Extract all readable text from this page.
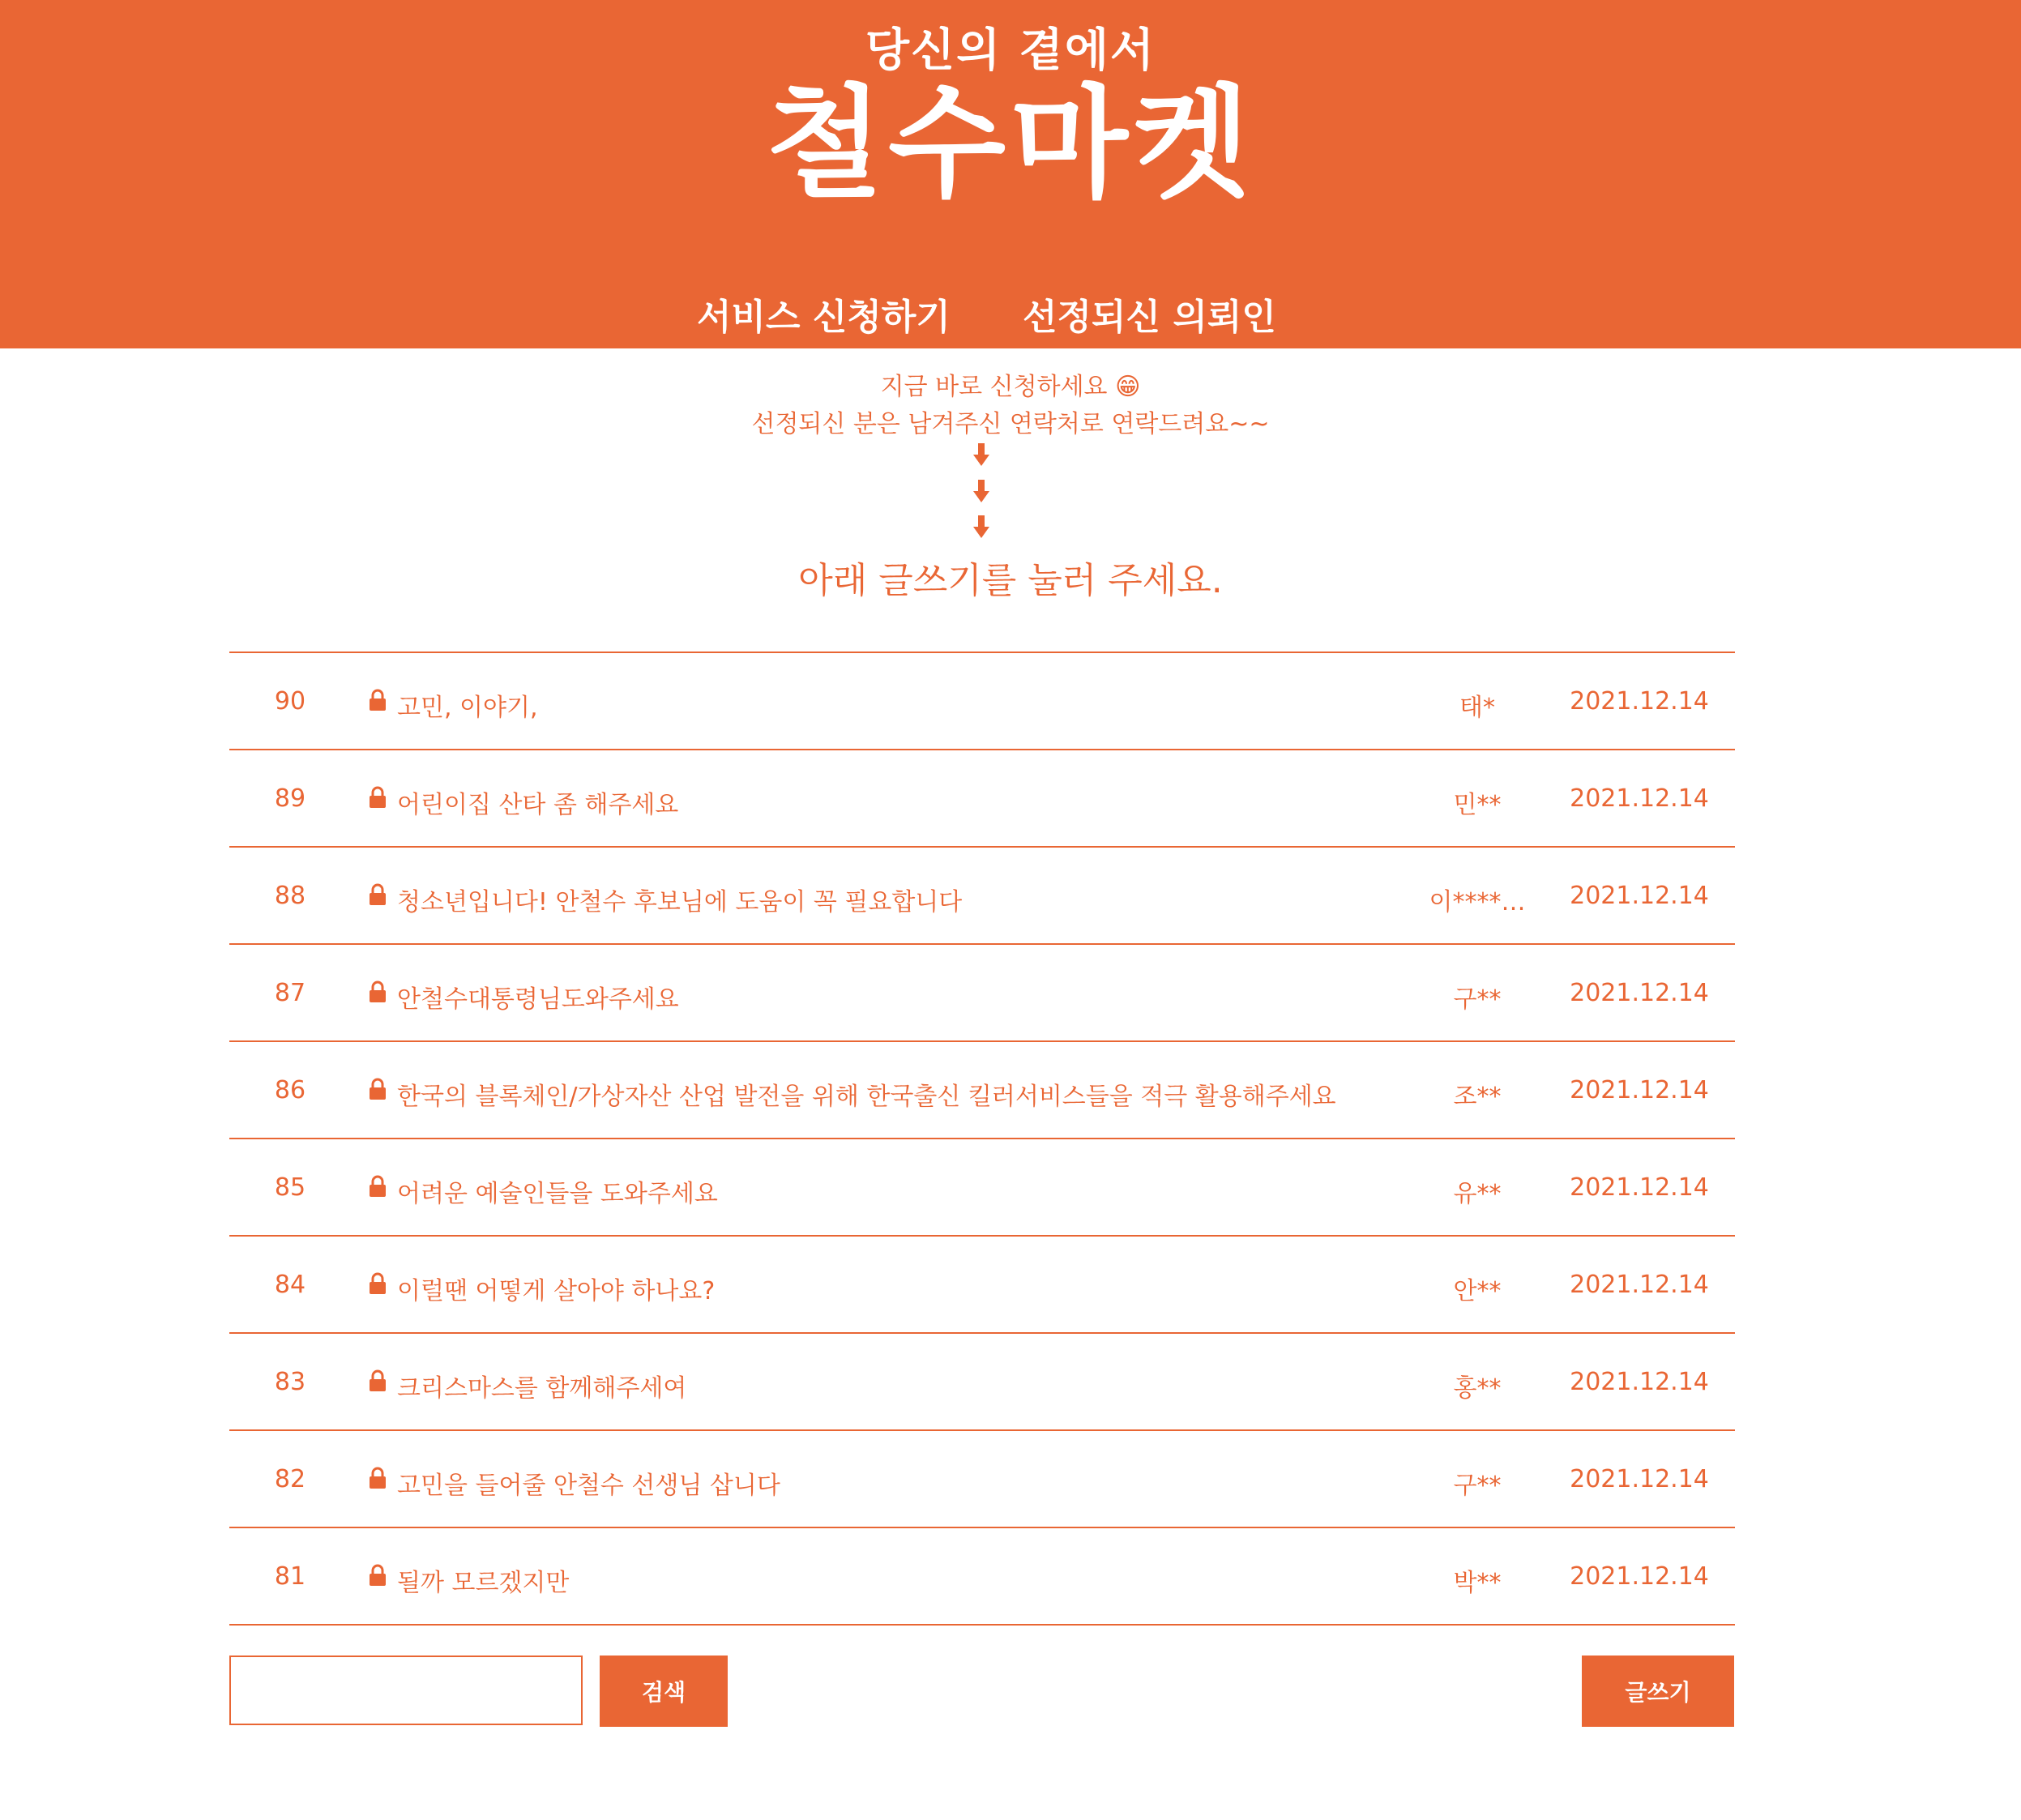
당신의 곁에서
철수마켓
서비스 신청하기 선정되신 의뢰인
지금 바로 신청하세요 😁
선정되신 분은 남겨주신 연락처로 연락드려요~~
아래 글쓰기를 눌러 주세요.
90	고민, 이야기,	태*	2021.12.14
89	어린이집 산타 좀 해주세요	민**	2021.12.14
88	청소년입니다! 안철수 후보님에 도움이 꼭 필요합니다	이****…	2021.12.14
87	안철수대통령님도와주세요	구**	2021.12.14
86	한국의 블록체인/가상자산 산업 발전을 위해 한국출신 킬러서비스들을 적극 활용해주세요	조**	2021.12.14
85	어려운 예술인들을 도와주세요	유**	2021.12.14
84	이럴땐 어떻게 살아야 하나요?	안**	2021.12.14
83	크리스마스를 함께해주세여	홍**	2021.12.14
82	고민을 들어줄 안철수 선생님 삽니다	구**	2021.12.14
81	될까 모르겠지만	박**	2021.12.14
검색	글쓰기
